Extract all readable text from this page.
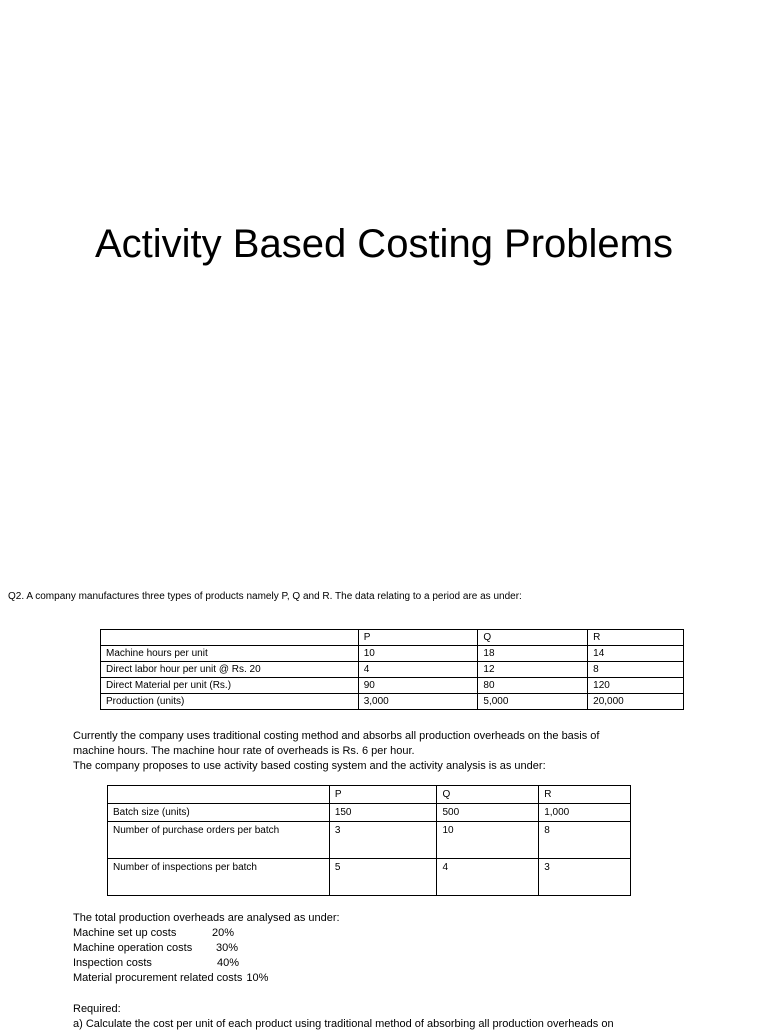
Activity Based Costing Problems
Q2. A company manufactures three types of products namely P, Q and R. The data relating to a period are as under:
	P	Q	R
Machine hours per unit	10	18	14
Direct labor hour per unit @ Rs. 20	4	12	8
Direct Material per unit (Rs.)	90	80	120
Production (units)	3,000	5,000	20,000
Currently the company uses traditional costing method and absorbs all production overheads on the basis of
machine hours. The machine hour rate of overheads is Rs. 6 per hour.
The company proposes to use activity based costing system and the activity analysis is as under:
	P	Q	R
Batch size (units)	150	500	1,000
Number of purchase orders per batch	3	10	8
Number of inspections per batch	5	4	3
The total production overheads are analysed as under:
Machine set up costs	20%
Machine operation costs 30%
Inspection costs	40%
Material procurement related costs 10%
Required:
a) Calculate the cost per unit of each product using traditional method of absorbing all production overheads on
